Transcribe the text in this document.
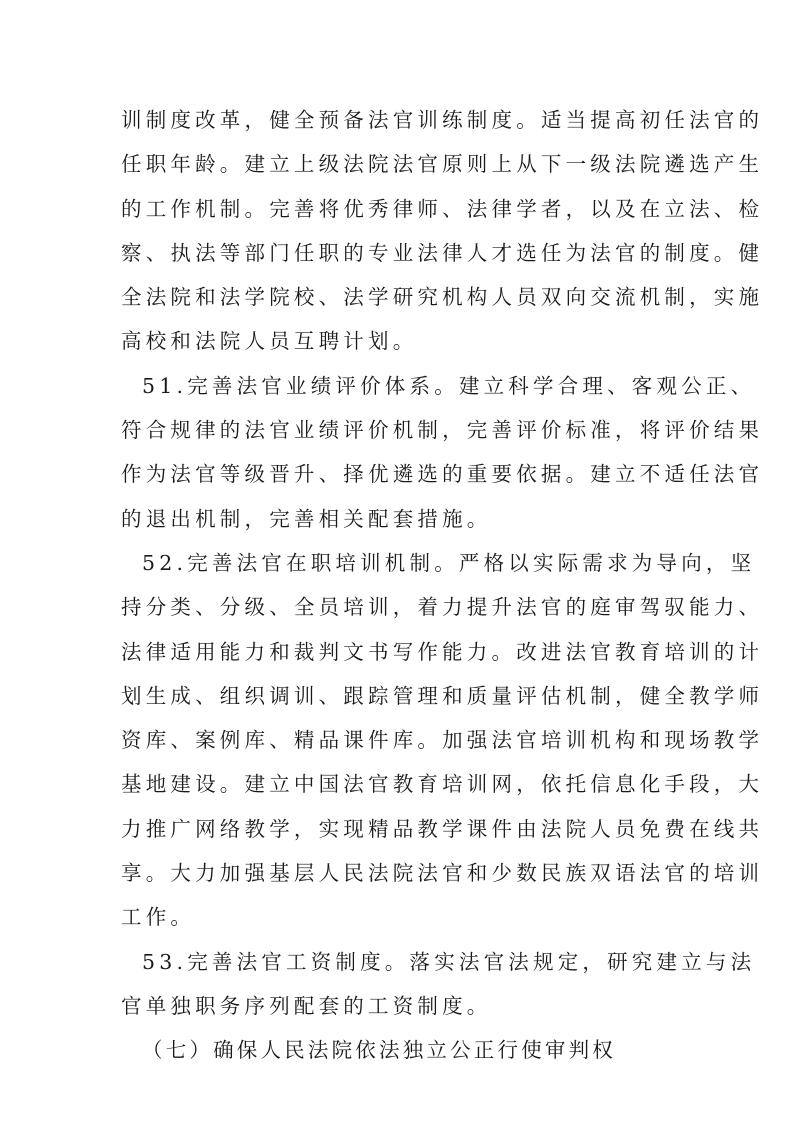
训制度改革，健全预备法官训练制度。适当提高初任法官的
任职年龄。建立上级法院法官原则上从下一级法院遴选产生
的工作机制。完善将优秀律师、法律学者，以及在立法、检
察、执法等部门任职的专业法律人才选任为法官的制度。健
全法院和法学院校、法学研究机构人员双向交流机制，实施
高校和法院人员互聘计划。
51.完善法官业绩评价体系。建立科学合理、客观公正、
符合规律的法官业绩评价机制，完善评价标准，将评价结果
作为法官等级晋升、择优遴选的重要依据。建立不适任法官
的退出机制，完善相关配套措施。
52.完善法官在职培训机制。严格以实际需求为导向，坚
持分类、分级、全员培训，着力提升法官的庭审驾驭能力、
法律适用能力和裁判文书写作能力。改进法官教育培训的计
划生成、组织调训、跟踪管理和质量评估机制，健全教学师
资库、案例库、精品课件库。加强法官培训机构和现场教学
基地建设。建立中国法官教育培训网，依托信息化手段，大
力推广网络教学，实现精品教学课件由法院人员免费在线共
享。大力加强基层人民法院法官和少数民族双语法官的培训
工作。
53.完善法官工资制度。落实法官法规定，研究建立与法
官单独职务序列配套的工资制度。
（七）确保人民法院依法独立公正行使审判权
